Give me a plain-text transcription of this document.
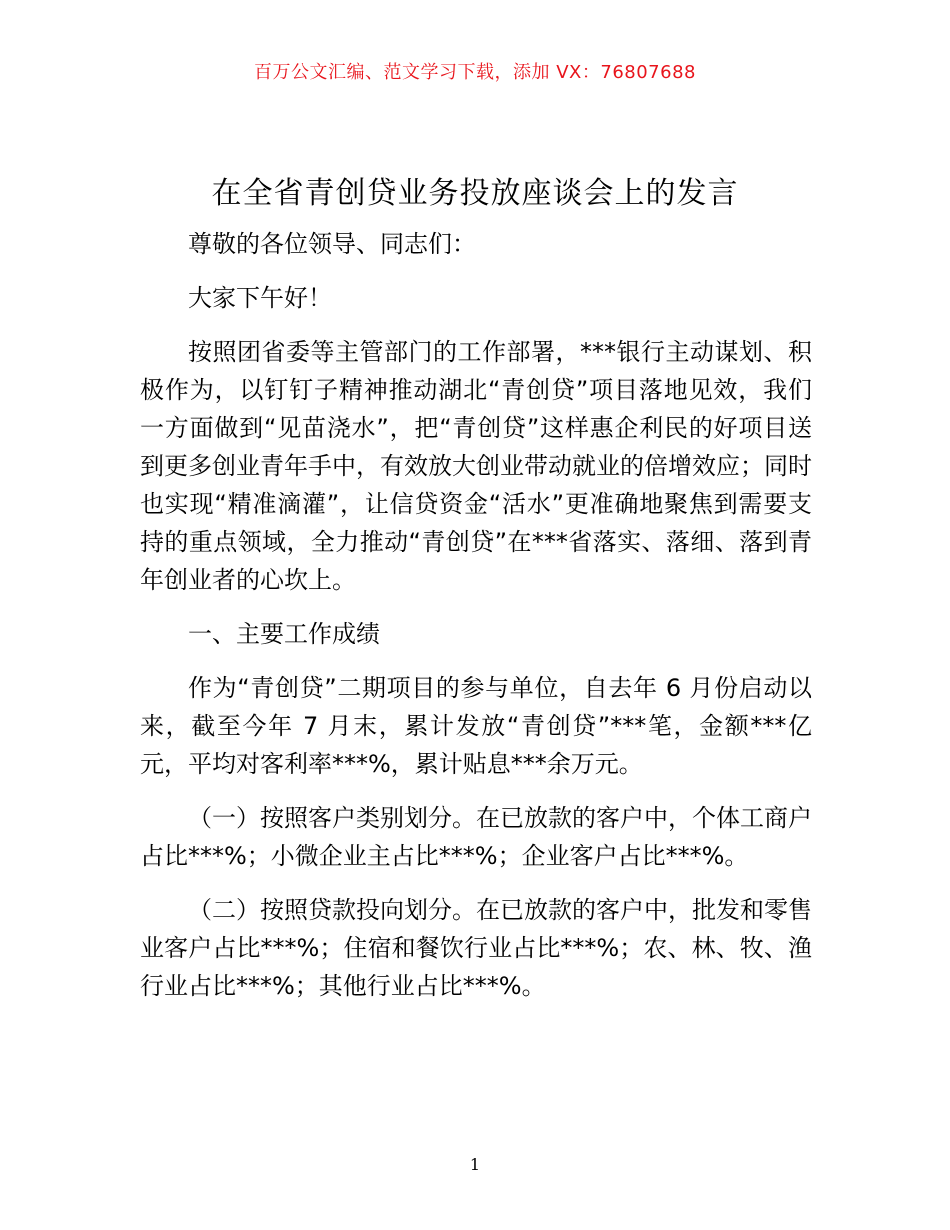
百万公文汇编、范文学习下载，添加 VX：76807688
在全省青创贷业务投放座谈会上的发言

尊敬的各位领导、同志们：

大家下午好！

按照团省委等主管部门的工作部署，***银行主动谋划、积极作为，以钉钉子精神推动湖北“青创贷”项目落地见效，我们一方面做到“见苗浇水”，把“青创贷”这样惠企利民的好项目送到更多创业青年手中，有效放大创业带动就业的倍增效应；同时也实现“精准滴灌”，让信贷资金“活水”更准确地聚焦到需要支持的重点领域，全力推动“青创贷”在***省落实、落细、落到青年创业者的心坎上。

一、主要工作成绩

作为“青创贷”二期项目的参与单位，自去年 6 月份启动以来，截至今年 7 月末，累计发放“青创贷”***笔，金额***亿元，平均对客利率***%，累计贴息***余万元。

（一）按照客户类别划分。在已放款的客户中，个体工商户占比***%；小微企业主占比***%；企业客户占比***%。

（二）按照贷款投向划分。在已放款的客户中，批发和零售业客户占比***%；住宿和餐饮行业占比***%；农、林、牧、渔行业占比***%；其他行业占比***%。

1
